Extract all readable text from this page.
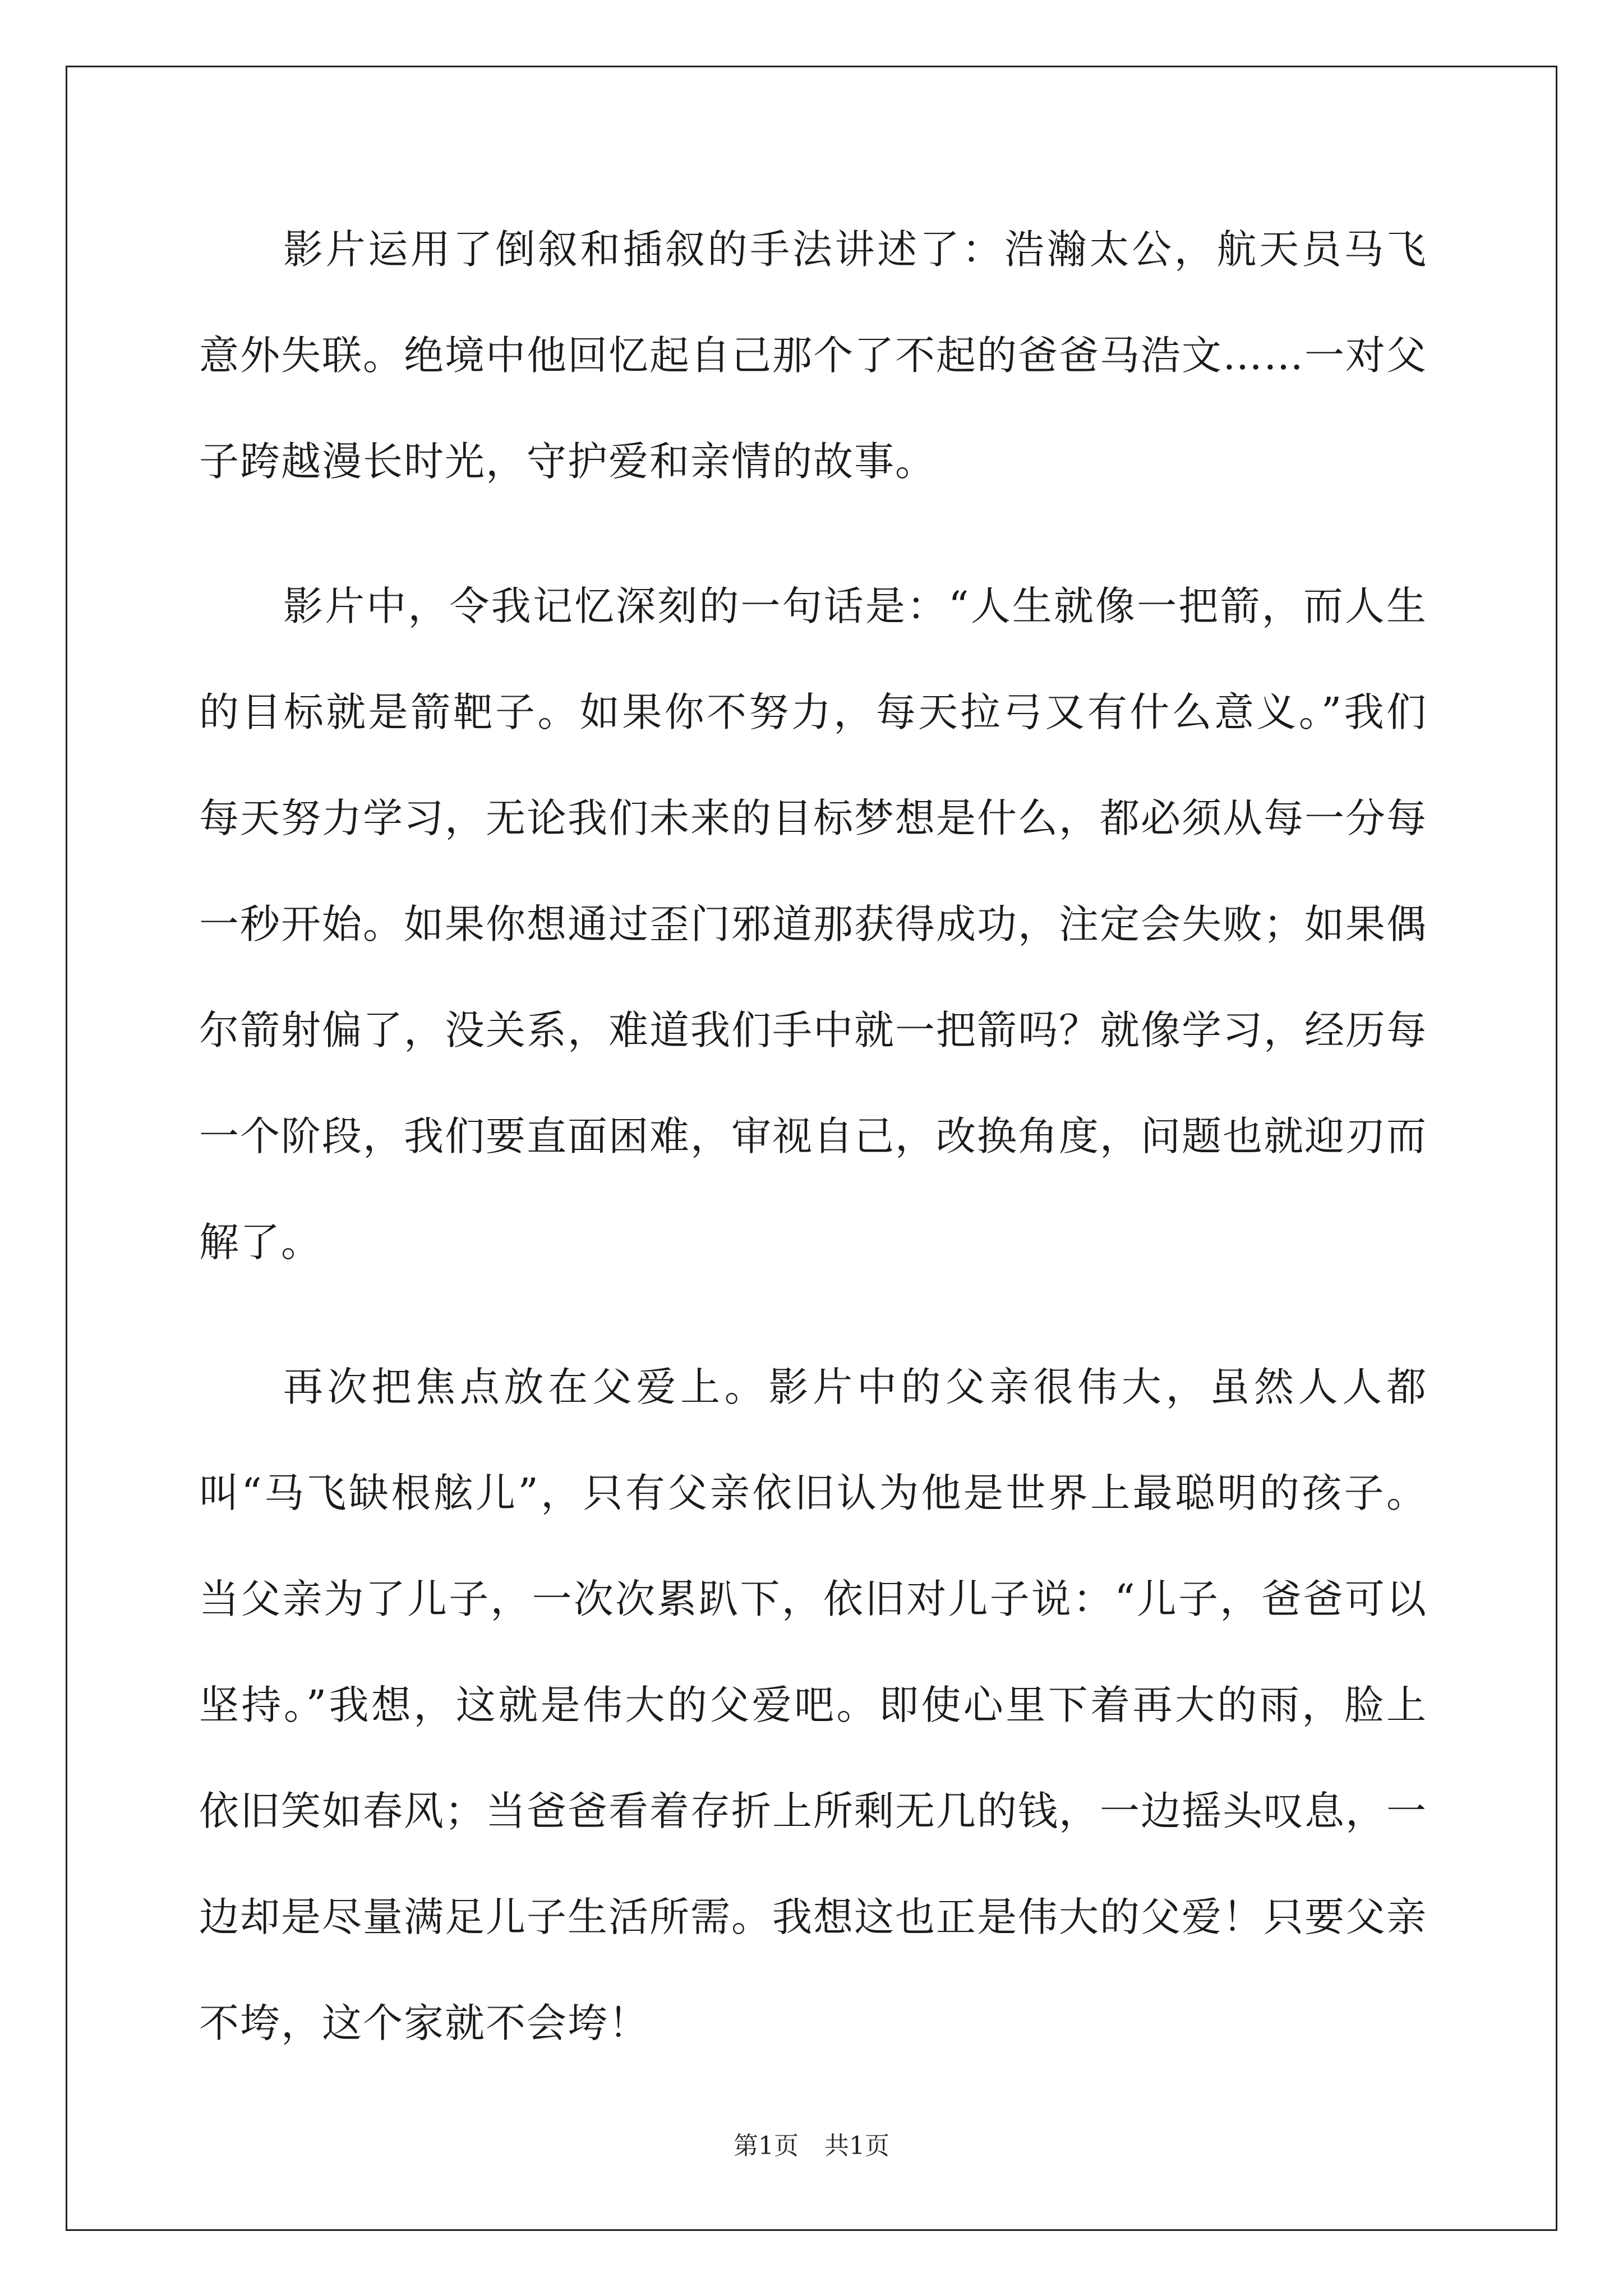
影片运用了倒叙和插叙的手法讲述了：浩瀚太公，航天员马飞意外失联。绝境中他回忆起自己那个了不起的爸爸马浩文……一对父子跨越漫长时光，守护爱和亲情的故事。

影片中，令我记忆深刻的一句话是：“人生就像一把箭，而人生的目标就是箭靶子。如果你不努力，每天拉弓又有什么意义。”我们每天努力学习，无论我们未来的目标梦想是什么，都必须从每一分每一秒开始。如果你想通过歪门邪道那获得成功，注定会失败；如果偶尔箭射偏了，没关系，难道我们手中就一把箭吗？就像学习，经历每一个阶段，我们要直面困难，审视自己，改换角度，问题也就迎刃而解了。

再次把焦点放在父爱上。影片中的父亲很伟大，虽然人人都叫“马飞缺根舷儿”，只有父亲依旧认为他是世界上最聪明的孩子。当父亲为了儿子，一次次累趴下，依旧对儿子说：“儿子，爸爸可以坚持。”我想，这就是伟大的父爱吧。即使心里下着再大的雨，脸上依旧笑如春风；当爸爸看着存折上所剩无几的钱，一边摇头叹息，一边却是尽量满足儿子生活所需。我想这也正是伟大的父爱！只要父亲不垮，这个家就不会垮！

第1页 共1页
